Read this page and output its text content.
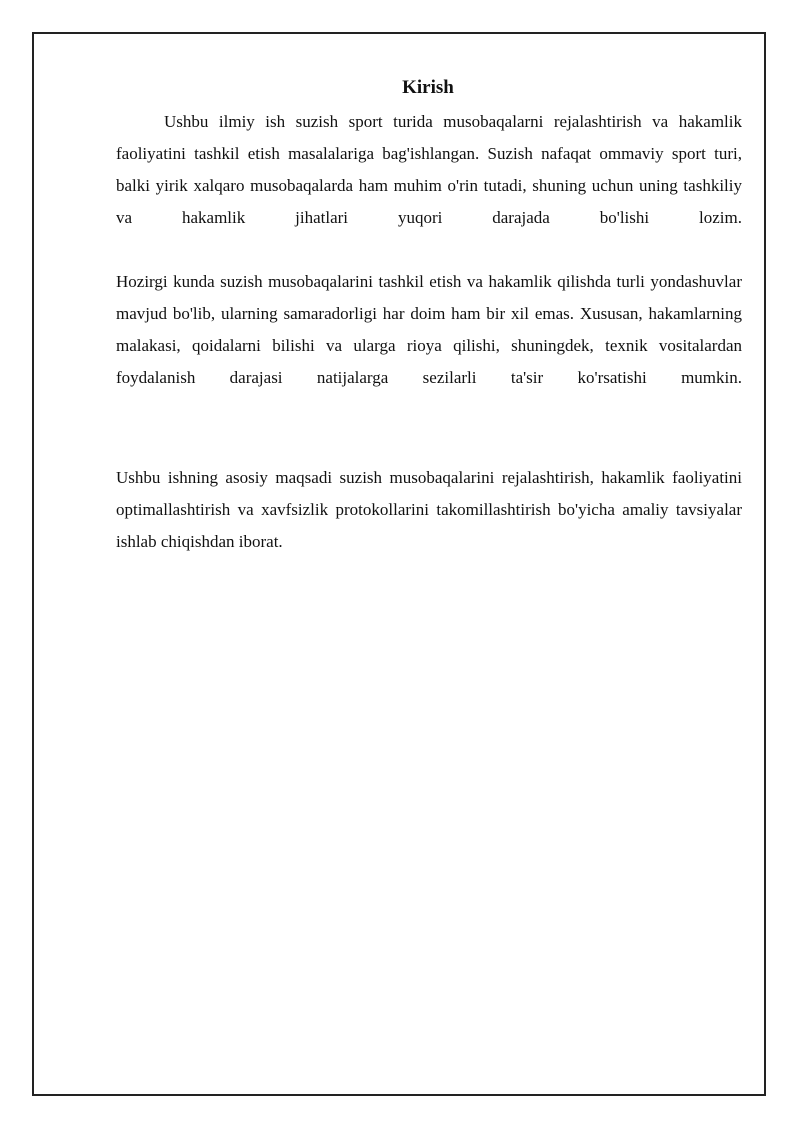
Kirish

Ushbu ilmiy ish suzish sport turida musobaqalarni rejalashtirish va hakamlik faoliyatini tashkil etish masalalariga bag'ishlangan. Suzish nafaqat ommaviy sport turi, balki yirik xalqaro musobaqalarda ham muhim o'rin tutadi, shuning uchun uning tashkiliy va hakamlik jihatlari yuqori darajada bo'lishi lozim.

Hozirgi kunda suzish musobaqalarini tashkil etish va hakamlik qilishda turli yondashuvlar mavjud bo'lib, ularning samaradorligi har doim ham bir xil emas. Xususan, hakamlarning malakasi, qoidalarni bilishi va ularga rioya qilishi, shuningdek, texnik vositalardan foydalanish darajasi natijalarga sezilarli ta'sir ko'rsatishi mumkin.

Ushbu ishning asosiy maqsadi suzish musobaqalarini rejalashtirish, hakamlik faoliyatini optimallashtirish va xavfsizlik protokollarini takomillashtirish bo'yicha amaliy tavsiyalar ishlab chiqishdan iborat.
